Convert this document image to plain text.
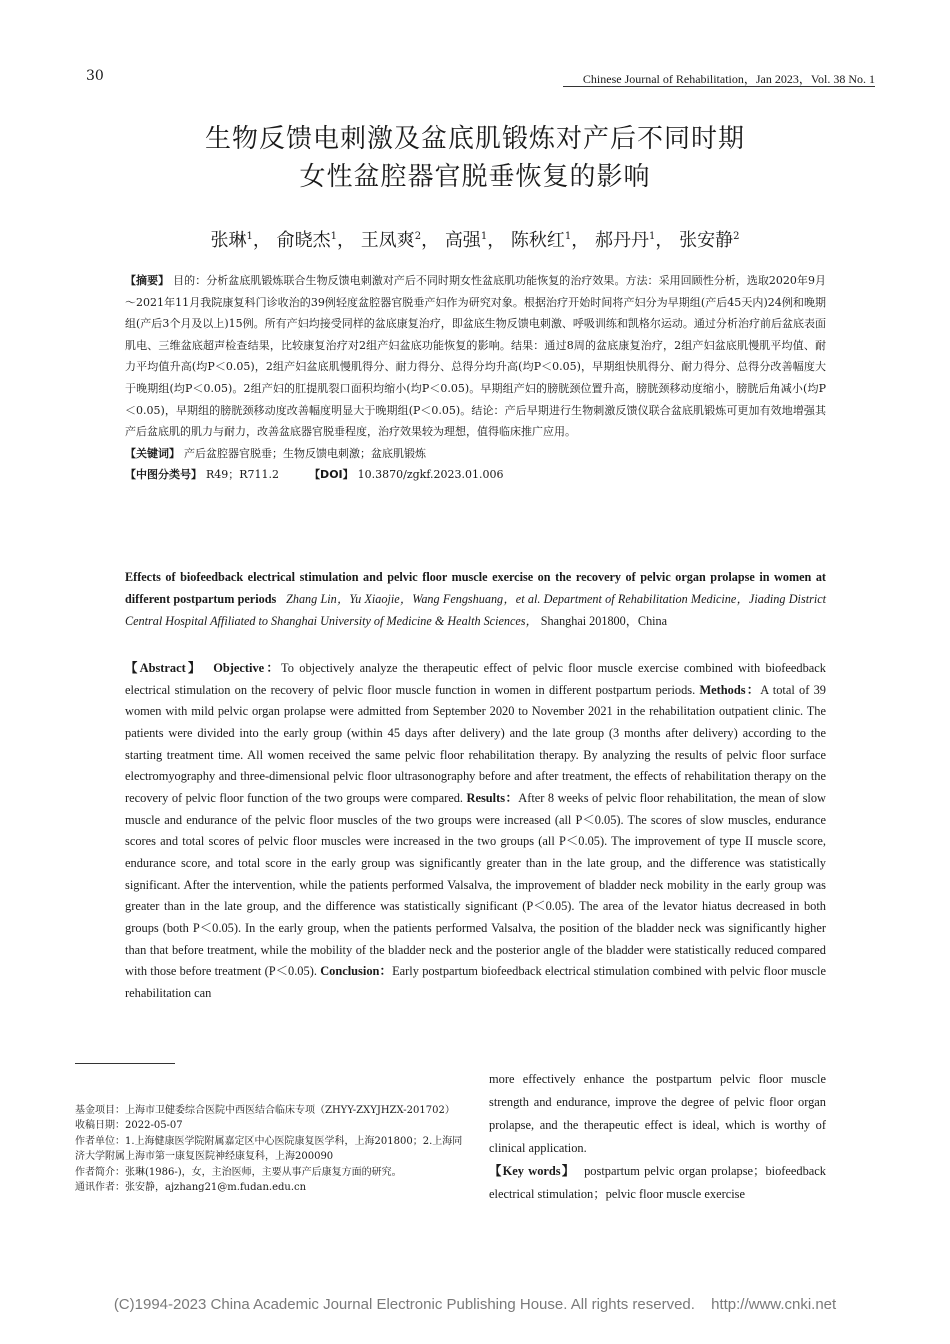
30	Chinese Journal of Rehabilitation，Jan 2023，Vol. 38 No. 1
生物反馈电刺激及盆底肌锻炼对产后不同时期
女性盆腔器官脱垂恢复的影响
张琳$^1$， 俞晓杰$^1$， 王凤爽$^2$， 高强$^1$， 陈秋红$^1$， 郝丹丹$^1$， 张安静$^2$

【摘要】 目的：分析盆底肌锻炼联合生物反馈电刺激对产后不同时期女性盆底肌功能恢复的治疗效果。方法：采用回顾性分析，选取2020年9月～2021年11月我院康复科门诊收治的39例轻度盆腔器官脱垂产妇作为研究对象。根据治疗开始时间将产妇分为早期组(产后45天内)24例和晚期组(产后3个月及以上)15例。所有产妇均接受同样的盆底康复治疗，即盆底生物反馈电刺激、呼吸训练和凯格尔运动。通过分析治疗前后盆底表面肌电、三维盆底超声检查结果，比较康复治疗对2组产妇盆底功能恢复的影响。结果：通过8周的盆底康复治疗，2组产妇盆底肌慢肌平均值、耐力平均值升高(均P＜0.05)，2组产妇盆底肌慢肌得分、耐力得分、总得分均升高(均P＜0.05)，早期组快肌得分、耐力得分、总得分改善幅度大于晚期组(均P＜0.05)。2组产妇的肛提肌裂口面积均缩小(均P＜0.05)。早期组产妇的膀胱颈位置升高，膀胱颈移动度缩小，膀胱后角减小(均P＜0.05)，早期组的膀胱颈移动度改善幅度明显大于晚期组(P＜0.05)。结论：产后早期进行生物刺激反馈仪联合盆底肌锻炼可更加有效地增强其产后盆底肌的肌力与耐力，改善盆底器官脱垂程度，治疗效果较为理想，值得临床推广应用。

【关键词】 产后盆腔器官脱垂；生物反馈电刺激；盆底肌锻炼

【中图分类号】 R49；R711.2	【DOI】 10.3870/zgkf.2023.01.006

Effects of biofeedback electrical stimulation and pelvic floor muscle exercise on the recovery of pelvic organ prolapse in women at different postpartum periods Zhang Lin，Yu Xiaojie，Wang Fengshuang，et al. Department of Rehabilitation Medicine，Jiading District Central Hospital Affiliated to Shanghai University of Medicine & Health Sciences， Shanghai 201800，China

【Abstract】 Objective：To objectively analyze the therapeutic effect of pelvic floor muscle exercise combined with biofeedback electrical stimulation on the recovery of pelvic floor muscle function in women in different postpartum periods. Methods：A total of 39 women with mild pelvic organ prolapse were admitted from September 2020 to November 2021 in the rehabilitation outpatient clinic. The patients were divided into the early group (within 45 days after delivery) and the late group (3 months after delivery) according to the starting treatment time. All women received the same pelvic floor rehabilitation therapy. By analyzing the results of pelvic floor surface electromyography and three-dimensional pelvic floor ultrasonography before and after treatment, the effects of rehabilitation therapy on the recovery of pelvic floor function of the two groups were compared. Results：After 8 weeks of pelvic floor rehabilitation, the mean of slow muscle and endurance of the pelvic floor muscles of the two groups were increased (all P＜0.05). The scores of slow muscles, endurance scores and total scores of pelvic floor muscles were increased in the two groups (all P＜0.05). The improvement of type II muscle score, endurance score, and total score in the early group was significantly greater than in the late group, and the difference was statistically significant. After the intervention, while the patients performed Valsalva, the improvement of bladder neck mobility in the early group was greater than in the late group, and the difference was statistically significant (P＜0.05). The area of the levator hiatus decreased in both groups (both P＜0.05). In the early group, when the patients performed Valsalva, the position of the bladder neck was significantly higher than that before treatment, while the mobility of the bladder neck and the posterior angle of the bladder were statistically reduced compared with those before treatment (P＜0.05). Conclusion：Early postpartum biofeedback electrical stimulation combined with pelvic floor muscle rehabilitation can

基金项目：上海市卫健委综合医院中西医结合临床专项（ZHYY-ZXYJHZX-201702）

收稿日期：2022-05-07

作者单位：1.上海健康医学院附属嘉定区中心医院康复医学科，上海201800；2.上海同济大学附属上海市第一康复医院神经康复科，上海200090

作者简介：张琳(1986-)，女，主治医师，主要从事产后康复方面的研究。

通讯作者：张安静，ajzhang21@m.fudan.edu.cn

more effectively enhance the postpartum pelvic floor muscle strength and endurance, improve the degree of pelvic floor organ prolapse, and the therapeutic effect is ideal, which is worthy of clinical application.

【Key words】 postpartum pelvic organ prolapse；biofeedback electrical stimulation；pelvic floor muscle exercise

(C)1994-2023 China Academic Journal Electronic Publishing House. All rights reserved. http://www.cnki.net
